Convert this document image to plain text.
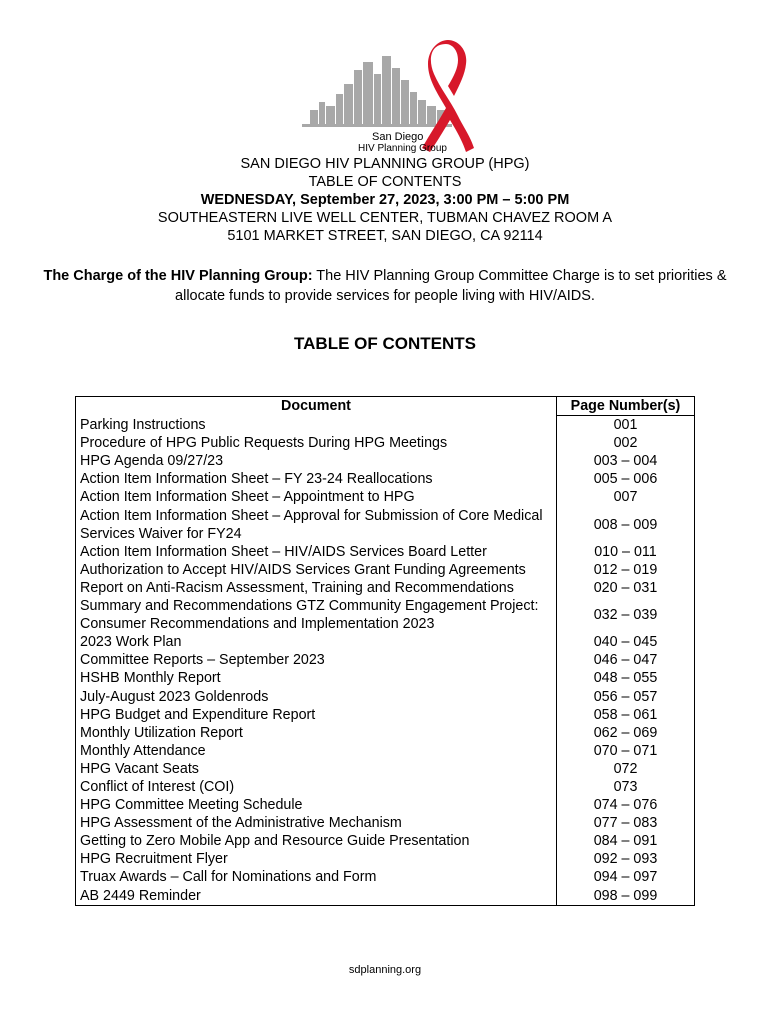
San Diego
HIV Planning Group
SAN DIEGO HIV PLANNING GROUP (HPG)
TABLE OF CONTENTS
WEDNESDAY, September 27, 2023, 3:00 PM – 5:00 PM
SOUTHEASTERN LIVE WELL CENTER, TUBMAN CHAVEZ ROOM A
5101 MARKET STREET, SAN DIEGO, CA 92114
The Charge of the HIV Planning Group: The HIV Planning Group Committee Charge is to set priorities & allocate funds to provide services for people living with HIV/AIDS.
TABLE OF CONTENTS
Document	Page Number(s)
Parking Instructions	001
Procedure of HPG Public Requests During HPG Meetings	002
HPG Agenda 09/27/23	003 – 004
Action Item Information Sheet – FY 23-24 Reallocations	005 – 006
Action Item Information Sheet – Appointment to HPG	007
Action Item Information Sheet – Approval for Submission of Core Medical Services Waiver for FY24	008 – 009
Action Item Information Sheet – HIV/AIDS Services Board Letter	010 – 011
Authorization to Accept HIV/AIDS Services Grant Funding Agreements	012 – 019
Report on Anti-Racism Assessment, Training and Recommendations	020 – 031
Summary and Recommendations GTZ Community Engagement Project: Consumer Recommendations and Implementation 2023	032 – 039
2023 Work Plan	040 – 045
Committee Reports – September 2023	046 – 047
HSHB Monthly Report	048 – 055
July-August 2023 Goldenrods	056 – 057
HPG Budget and Expenditure Report	058 – 061
Monthly Utilization Report	062 – 069
Monthly Attendance	070 – 071
HPG Vacant Seats	072
Conflict of Interest (COI)	073
HPG Committee Meeting Schedule	074 – 076
HPG Assessment of the Administrative Mechanism	077 – 083
Getting to Zero Mobile App and Resource Guide Presentation	084 – 091
HPG Recruitment Flyer	092 – 093
Truax Awards – Call for Nominations and Form	094 – 097
AB 2449 Reminder	098 – 099
sdplanning.org
